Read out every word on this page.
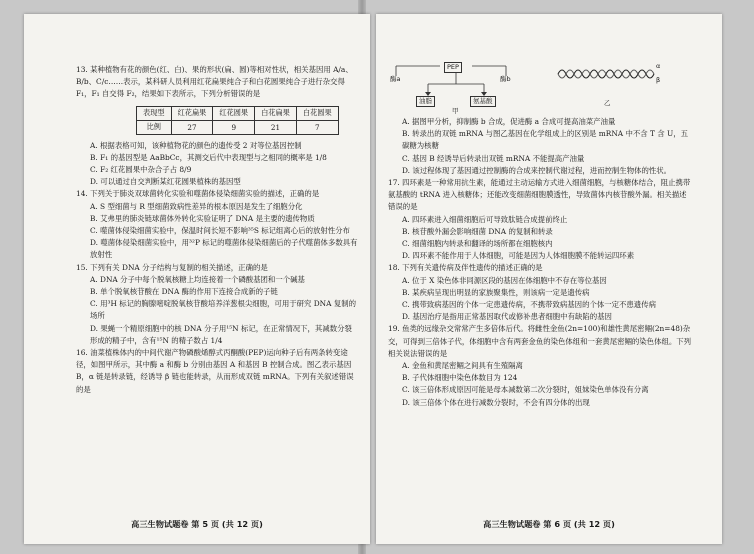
13. 某种植物有花的颜色(红、白)、果的形状(扁、圆)等相对性状，相关基因用 A/a、B/b、C/c……表示，某科研人员利用红花扁果纯合子和白花圆果纯合子进行杂交得 F₁，F₁ 自交得 F₂，结果如下表所示，下列分析错误的是

表现型	红花扁果	红花圆果	白花扁果	白花圆果
比例	27	9	21	7

A. 根据表格可知，该种植物花的颜色的遗传受 2 对等位基因控制

B. F₁ 的基因型是 AaBbCc，其测交后代中表现型与之相同的概率是 1/8

C. F₂ 红花圆果中杂合子占 8/9

D. 可以通过自交判断某红花圆果植株的基因型

14. 下列关于肺炎双球菌转化实验和噬菌体侵染细菌实验的描述，正确的是

A. S 型细菌与 R 型细菌致病性差异的根本原因是发生了细胞分化

B. 艾弗里的肺炎链球菌体外转化实验证明了 DNA 是主要的遗传物质

C. 噬菌体侵染细菌实验中，保温时间长短不影响³⁵S 标记组离心后的放射性分布

D. 噬菌体侵染细菌实验中，用³²P 标记的噬菌体侵染细菌后的子代噬菌体多数具有放射性

15. 下列有关 DNA 分子结构与复制的相关描述，正确的是

A. DNA 分子中每个脱氧核糖上均连接着一个磷酸基团和一个碱基

B. 单个脱氧核苷酸在 DNA 酶的作用下连接合成新的子链

C. 用³H 标记的胸腺嘧啶脱氧核苷酸培养洋葱根尖细胞，可用于研究 DNA 复制的场所

D. 果蝇一个精原细胞中的核 DNA 分子用¹⁵N 标记，在正常情况下，其减数分裂形成的精子中，含有¹⁵N 的精子数占 1/4

16. 油菜植株体内的中间代谢产物磷酸烯醇式丙酮酸(PEP)运向种子后有两条转变途径，如图甲所示，其中酶 a 和酶 b 分别由基因 A 和基因 B 控制合成。图乙表示基因 B，α 链是转录链，经诱导 β 链也能转录，从而形成双链 mRNA。下列有关叙述错误的是

高三生物试题卷 第 5 页 (共 12 页)
PEP
酶a	酶b
油脂	氨基酸
甲
乙
α
β

A. 据图甲分析，抑制酶 b 合成，促进酶 a 合成可提高油菜产油量

B. 转录出的双链 mRNA 与图乙基因在化学组成上的区别是 mRNA 中不含 T 含 U，五碳糖为核糖

C. 基因 B 经诱导后转录出双链 mRNA 不能提高产油量

D. 该过程体现了基因通过控制酶的合成来控制代谢过程，进而控制生物体的性状。

17. 四环素是一种常用抗生素，能通过主动运输方式进入细菌细胞，与核糖体结合，阻止携带氨基酸的 tRNA 进入核糖体；还能改变细菌细胞膜透性，导致菌体内核苷酸外漏。相关描述错误的是

A. 四环素进入细菌细胞后可导致肽链合成提前终止

B. 核苷酸外漏会影响细菌 DNA 的复制和转录

C. 细菌细胞内转录和翻译的场所都在细胞核内

D. 四环素不能作用于人体细胞，可能是因为人体细胞膜不能转运四环素

18. 下列有关遗传病及伴性遗传的描述正确的是

A. 位于 X 染色体非同源区段的基因在体细胞中不存在等位基因

B. 某疾病呈现出明显的家族聚集性，则该病一定是遗传病

C. 携带致病基因的个体一定患遗传病，不携带致病基因的个体一定不患遗传病

D. 基因治疗是指用正常基因取代或修补患者细胞中有缺陷的基因

19. 鱼类的远缘杂交常常产生多倍体后代。将雌性金鱼(2n=100)和雄性黄尾密鲴(2n=48)杂交，可得到三倍体子代，体细胞中含有两套金鱼的染色体组和一套黄尾密鲴的染色体组。下列相关说法错误的是

A. 金鱼和黄尾密鲴之间具有生殖隔离

B. 子代体细胞中染色体数目为 124

C. 该三倍体形成原因可能是母本减数第二次分裂时，姐妹染色单体没有分离

D. 该三倍体个体在进行减数分裂时，不会有四分体的出现

高三生物试题卷 第 6 页 (共 12 页)
